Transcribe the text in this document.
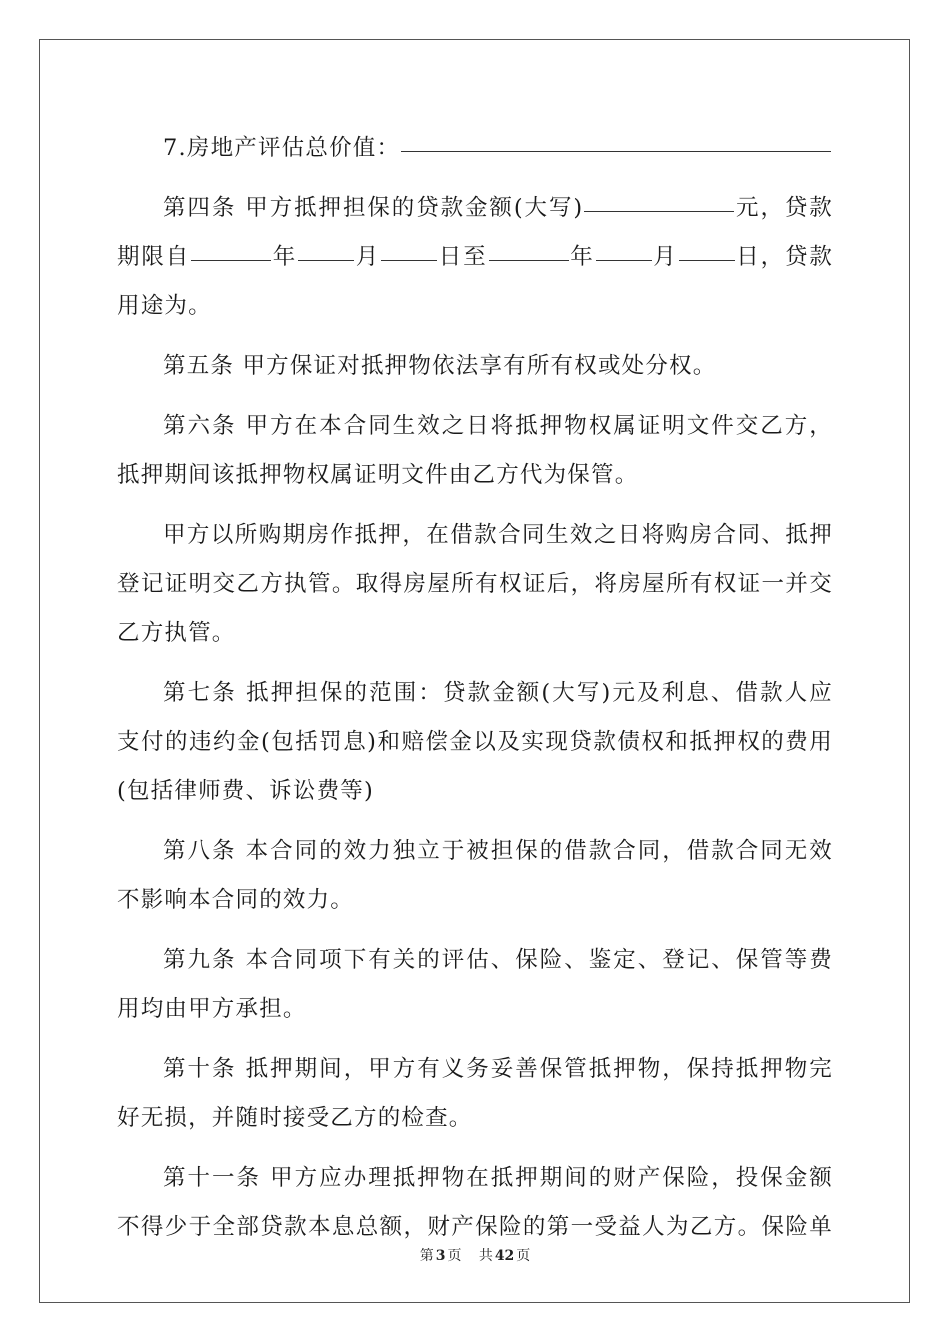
7.房地产评估总价值：
第四条 甲方抵押担保的贷款金额(大写)	元，贷款
期限自	年	月	日至	年	月	日，贷款
用途为。
第五条 甲方保证对抵押物依法享有所有权或处分权。
第六条 甲方在本合同生效之日将抵押物权属证明文件交乙方，
抵押期间该抵押物权属证明文件由乙方代为保管。
甲方以所购期房作抵押，在借款合同生效之日将购房合同、抵押
登记证明交乙方执管。取得房屋所有权证后，将房屋所有权证一并交
乙方执管。
第七条 抵押担保的范围：贷款金额(大写)元及利息、借款人应
支付的违约金(包括罚息)和赔偿金以及实现贷款债权和抵押权的费用
(包括律师费、诉讼费等)
第八条 本合同的效力独立于被担保的借款合同，借款合同无效
不影响本合同的效力。
第九条 本合同项下有关的评估、保险、鉴定、登记、保管等费
用均由甲方承担。
第十条 抵押期间，甲方有义务妥善保管抵押物，保持抵押物完
好无损，并随时接受乙方的检查。
第十一条 甲方应办理抵押物在抵押期间的财产保险，投保金额
不得少于全部贷款本息总额，财产保险的第一受益人为乙方。保险单
第 3 页 共 42 页
